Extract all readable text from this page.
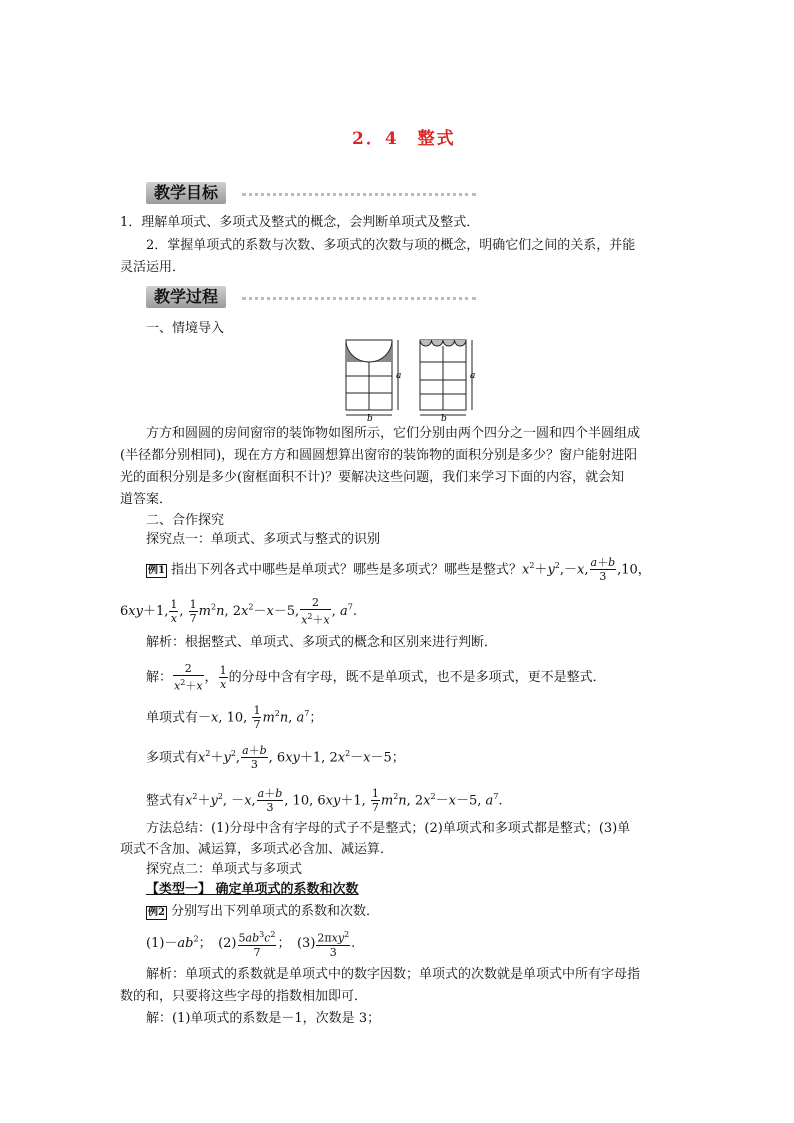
2．4　整式
教学目标
1．理解单项式、多项式及整式的概念，会判断单项式及整式．
2．掌握单项式的系数与次数、多项式的次数与项的概念，明确它们之间的关系，并能
灵活运用．
教学过程
一、情境导入
a
b
a
b
方方和圆圆的房间窗帘的装饰物如图所示，它们分别由两个四分之一圆和四个半圆组成
(半径都分别相同)，现在方方和圆圆想算出窗帘的装饰物的面积分别是多少？窗户能射进阳
光的面积分别是多少(窗框面积不计)？要解决这些问题，我们来学习下面的内容，就会知
道答案．
二、合作探究
探究点一：单项式、多项式与整式的识别
例1 指出下列各式中哪些是单项式？哪些是多项式？哪些是整式？$x^2+y^2,-x$, $\frac{a+b}{3} ,10$，
6xy＋1, $\frac{1}{x}$ , $\frac{1}{7} m^2n$, $2x^2-x-5$, $\frac{2}{x^2+x}$ , $a^7$.
解析：根据整式、单项式、多项式的概念和区别来进行判断．
解： $\frac{2}{x^2+x}$ ， $\frac{1}{x}$ 的分母中含有字母，既不是单项式，也不是多项式，更不是整式．
单项式有－x, 10, $\frac{1}{7} m^2n$, $a^7$；
多项式有$x^2+y^2$, $\frac{a+b}{3}$ , 6xy＋1, $2x^2-x-5$；
整式有$x^2+y^2$, －x, $\frac{a+b}{3}$ , 10, 6xy＋1, $\frac{1}{7} m^2n$, $2x^2-x-5$, $a^7$.
方法总结：(1)分母中含有字母的式子不是整式；(2)单项式和多项式都是整式；(3)单
项式不含加、减运算，多项式必含加、减运算．
探究点二：单项式与多项式
【类型一】 确定单项式的系数和次数
例2 分别写出下列单项式的系数和次数．
$(1)-ab^2$；　$(2) \frac{5ab^3c^2}{7}$ ；　$(3) \frac{2\pi xy^2}{3}$ .
解析：单项式的系数就是单项式中的数字因数；单项式的次数就是单项式中所有字母指
数的和，只要将这些字母的指数相加即可．
解：(1)单项式的系数是－1，次数是 3；
